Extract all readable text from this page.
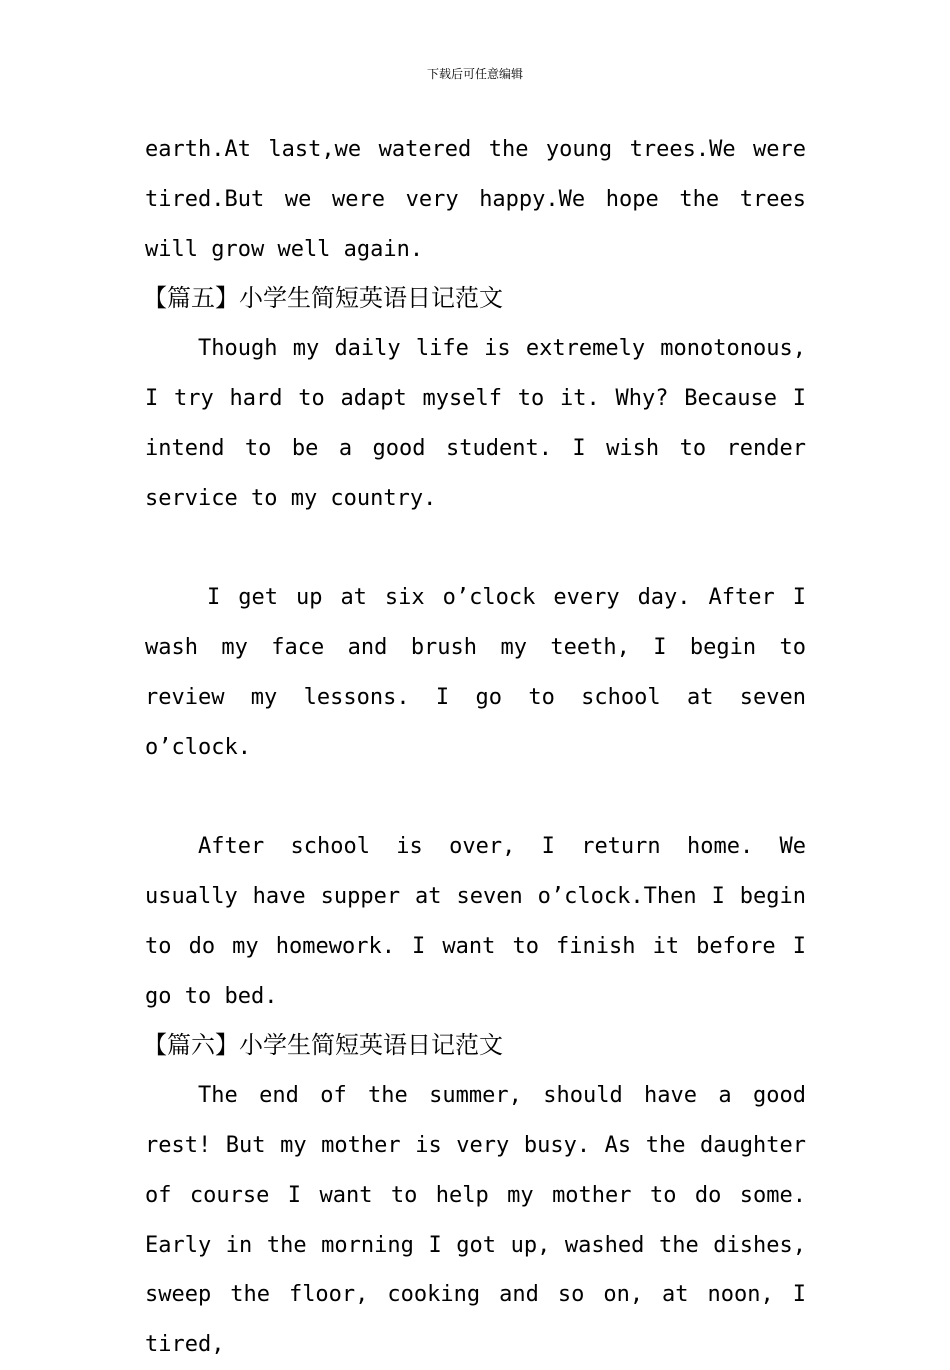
下载后可任意编辑

earth.At last,we watered the young trees.We were tired.But we were very happy.We hope the trees will grow well again.

【篇五】小学生简短英语日记范文

Though my daily life is extremely monotonous, I try hard to adapt myself to it. Why? Because I intend to be a good student. I wish to render service to my country.

I get up at six o’clock every day. After I wash my face and brush my teeth, I begin to review my lessons. I go to school at seven o’clock.

After school is over, I return home. We usually have supper at seven o’clock.Then I begin to do my homework. I want to finish it before I go to bed.

【篇六】小学生简短英语日记范文

The end of the summer, should have a good rest! But my mother is very busy. As the daughter of course I want to help my mother to do some. Early in the morning I got up, washed the dishes, sweep the floor, cooking and so on, at noon, I tired,
